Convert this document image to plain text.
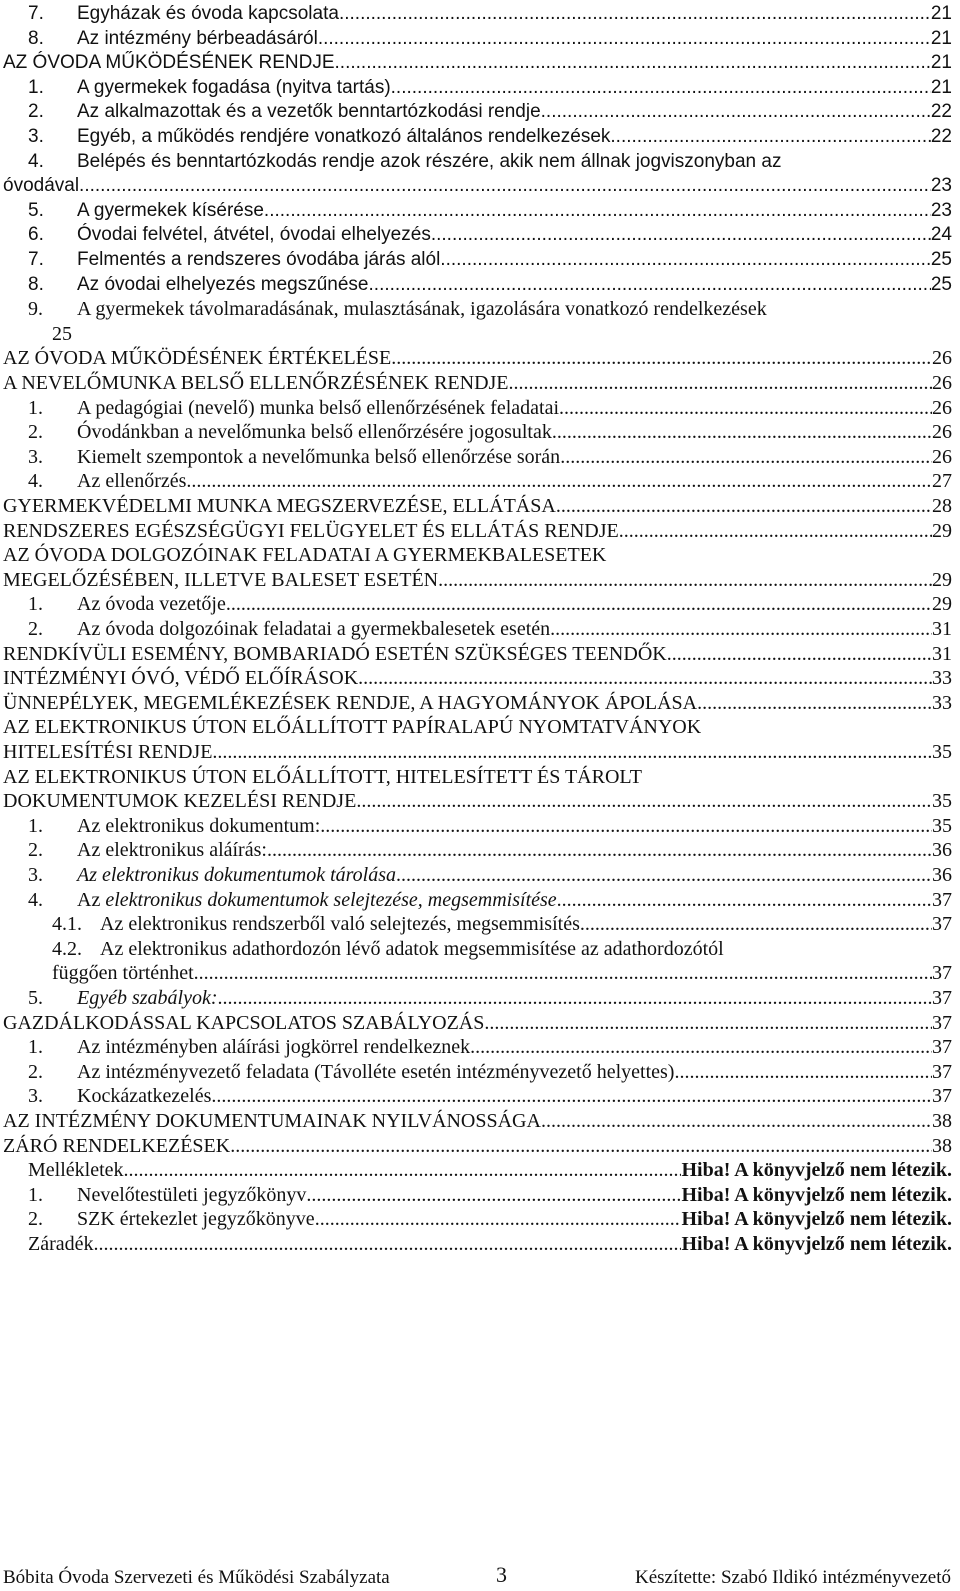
7.	Egyházak és óvoda kapcsolata .....	21
8.	Az intézmény bérbeadásáról .....	21
AZ ÓVODA MŰKÖDÉSÉNEK RENDJE .....	21
1.	A gyermekek fogadása (nyitva tartás) .....	21
2.	Az alkalmazottak és a vezetők benntartózkodási rendje .....	22
3.	Egyéb, a működés rendjére vonatkozó általános rendelkezések .....	22
4.	Belépés és benntartózkodás rendje azok részére, akik nem állnak jogviszonyban az
óvodával. .....	23
5.	A gyermekek kísérése .....	23
6.	Óvodai felvétel, átvétel, óvodai elhelyezés .....	24
7.	Felmentés a rendszeres óvodába járás alól. .....	25
8.	Az óvodai elhelyezés megszűnése .....	25
9.	A gyermekek távolmaradásának, mulasztásának, igazolására vonatkozó rendelkezések
25
AZ ÓVODA MŰKÖDÉSÉNEK ÉRTÉKELÉSE .....	26
A NEVELŐMUNKA BELSŐ ELLENŐRZÉSÉNEK RENDJE .....	26
1.	A pedagógiai (nevelő) munka belső ellenőrzésének feladatai .....	26
2.	Óvodánkban a nevelőmunka belső ellenőrzésére jogosultak .....	26
3.	Kiemelt szempontok a nevelőmunka belső ellenőrzése során .....	26
4.	Az ellenőrzés .....	27
GYERMEKVÉDELMI MUNKA MEGSZERVEZÉSE, ELLÁTÁSA .....	28
RENDSZERES EGÉSZSÉGÜGYI FELÜGYELET ÉS ELLÁTÁS RENDJE .....	29
AZ ÓVODA DOLGOZÓINAK FELADATAI A GYERMEKBALESETEK
MEGELŐZÉSÉBEN, ILLETVE BALESET ESETÉN .....	29
1.	Az óvoda vezetője .....	29
2.	Az óvoda dolgozóinak feladatai a gyermekbalesetek esetén .....	31
RENDKÍVÜLI ESEMÉNY, BOMBARIADÓ ESETÉN SZÜKSÉGES TEENDŐK .....	31
INTÉZMÉNYI ÓVÓ, VÉDŐ ELŐÍRÁSOK .....	33
ÜNNEPÉLYEK, MEGEMLÉKEZÉSEK RENDJE, A HAGYOMÁNYOK ÁPOLÁSA .....	33
AZ ELEKTRONIKUS ÚTON ELŐÁLLÍTOTT PAPÍRALAPÚ NYOMTATVÁNYOK
HITELESÍTÉSI RENDJE .....	35
AZ ELEKTRONIKUS ÚTON ELŐÁLLÍTOTT, HITELESÍTETT ÉS TÁROLT
DOKUMENTUMOK KEZELÉSI RENDJE .....	35
1.	Az elektronikus dokumentum: .....	35
2.	Az elektronikus aláírás: .....	36
3.	Az elektronikus dokumentumok tárolása .....	36
4.	Az elektronikus dokumentumok selejtezése, megsemmisítése .....	37
4.1. Az elektronikus rendszerből való selejtezés, megsemmisítés .....	37
4.2. Az elektronikus adathordozón lévő adatok megsemmisítése az adathordozótól
függően történhet. .....	37
5.	Egyéb szabályok: .....	37
GAZDÁLKODÁSSAL KAPCSOLATOS SZABÁLYOZÁS .....	37
1.	Az intézményben aláírási jogkörrel rendelkeznek .....	37
2.	Az intézményvezető feladata (Távolléte esetén intézményvezető helyettes) .....	37
3.	Kockázatkezelés .....	37
AZ INTÉZMÉNY DOKUMENTUMAINAK NYILVÁNOSSÁGA .....	38
ZÁRÓ RENDELKEZÉSEK .....	38
Mellékletek .....	Hiba! A könyvjelző nem létezik.
1.	Nevelőtestületi jegyzőkönyv .....	Hiba! A könyvjelző nem létezik.
2.	SZK értekezlet jegyzőkönyve .....	Hiba! A könyvjelző nem létezik.
Záradék .....	Hiba! A könyvjelző nem létezik.
Bóbita Óvoda Szervezeti és Működési Szabályzata	3	Készítette: Szabó Ildikó intézményvezető
